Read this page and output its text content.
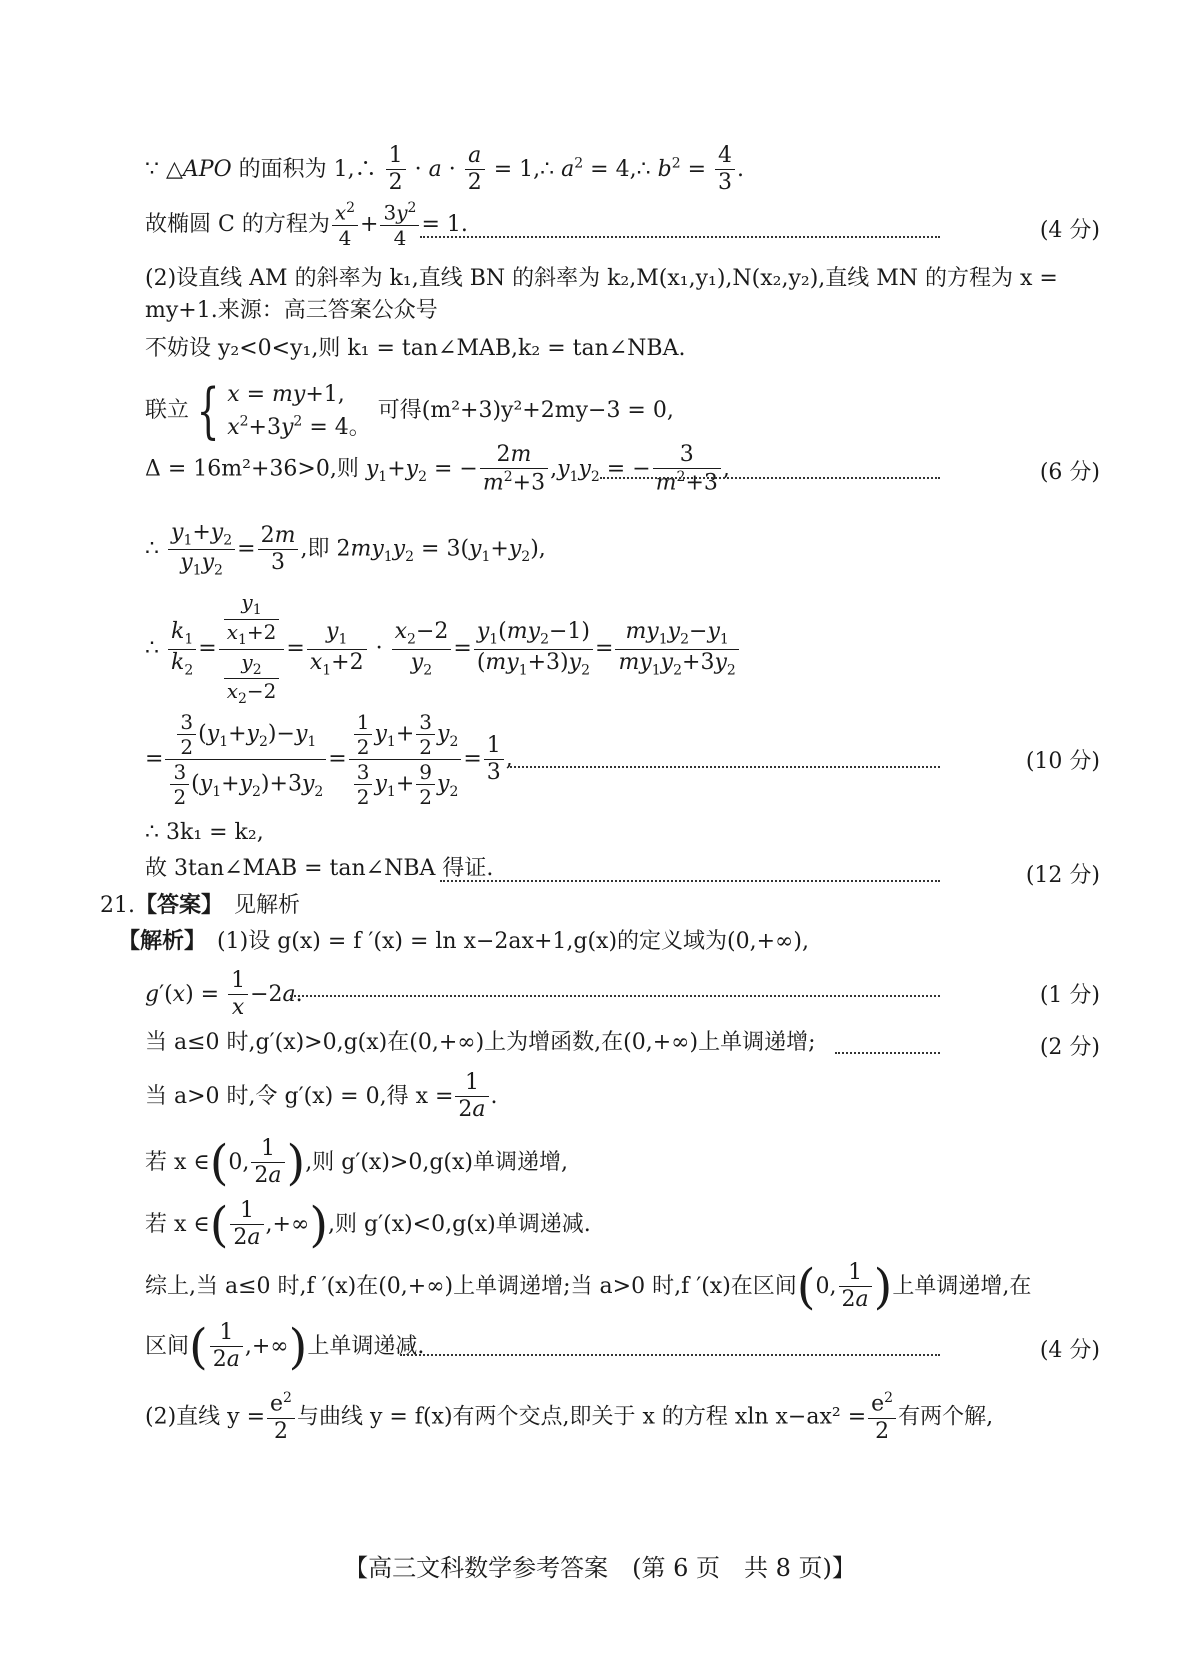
∵ △APO 的面积为 1,∴ $\frac{1}{2} \cdot a \cdot \frac{a}{2}$ = 1,∴ $a^2$ = 4,∴ $b^2 = \frac{4}{3}$ .
故椭圆 C 的方程为 $\frac{x^2}{4} + \frac{3y^2}{4} = 1$.	(4 分)
(2)设直线 AM 的斜率为 k₁,直线 BN 的斜率为 k₂,M(x₁,y₁),N(x₂,y₂),直线 MN 的方程为 x =
my+1.来源：高三答案公众号
不妨设 y₂<0<y₁,则 k₁ = tan∠MAB,k₂ = tan∠NBA.
联立 { x = my+1,
$x^2+3y^2 = 4$。 可得(m²+3)y²+2my−3 = 0,
Δ = 16m²+36>0,则 $y_1+y_2$ = − $\frac{2m}{m^2+3} ,y_1y_2$ = − $\frac{3}{m^2+3}$ ,	(6 分)
∴ $\frac{y_1+y_2}{y_1y_2} = \frac{2m}{3}$ ,即 $2my_1y_2 = 3(y_1+y_2)$,
∴ $\frac{k_1}{k_2} = \frac{\frac{y_1}{x_1+2}}{\frac{y_2}{x_2-2}} = \frac{y_1}{x_1+2} \cdot \frac{x_2-2}{y_2} = \frac{y_1(my_2-1)}{(my_1+3)y_2} = \frac{my_1y_2-y_1}{my_1y_2+3y_2}$
= $\frac{\frac{3}{2} (y_1+y_2)-y_1}{\frac{3}{2} (y_1+y_2)+3y_2} = \frac{\frac{1}{2} y_1+ \frac{3}{2} y_2}{\frac{3}{2} y_1+ \frac{9}{2} y_2} = \frac{1}{3}$ ,	(10 分)
∴ 3k₁ = k₂,
故 3tan∠MAB = tan∠NBA 得证.	(12 分)
21.【答案】　 见解析
【解析】　 (1)设 g(x) = f ′(x) = ln x−2ax+1,g(x)的定义域为(0,+∞),
$g'(x) = \frac{1}{x} -2a$.	(1 分)
当 a≤0 时,g′(x)>0,g(x)在(0,+∞)上为增函数,在(0,+∞)上单调递增;	(2 分)
当 a>0 时,令 g′(x) = 0,得 $x = \frac{1}{2a}$ .
若 x ∈(0, $\frac{1}{2a}$ ),则 g′(x)>0,g(x)单调递增,
若 x ∈( $\frac{1}{2a}$ ,+∞),则 g′(x)<0,g(x)单调递减.
综上,当 a≤0 时,f ′(x)在(0,+∞)上单调递增;当 a>0 时,f ′(x)在区间(0, $\frac{1}{2a}$ )上单调递增,在
区间( $\frac{1}{2a}$ ,+∞)上单调递减.	(4 分)
(2)直线 $y = \frac{e^2}{2}$ 与曲线 y = f(x)有两个交点,即关于 x 的方程 xln $x-ax^2 = \frac{e^2}{2}$ 有两个解,
【高三文科数学参考答案　(第 6 页　共 8 页)】
